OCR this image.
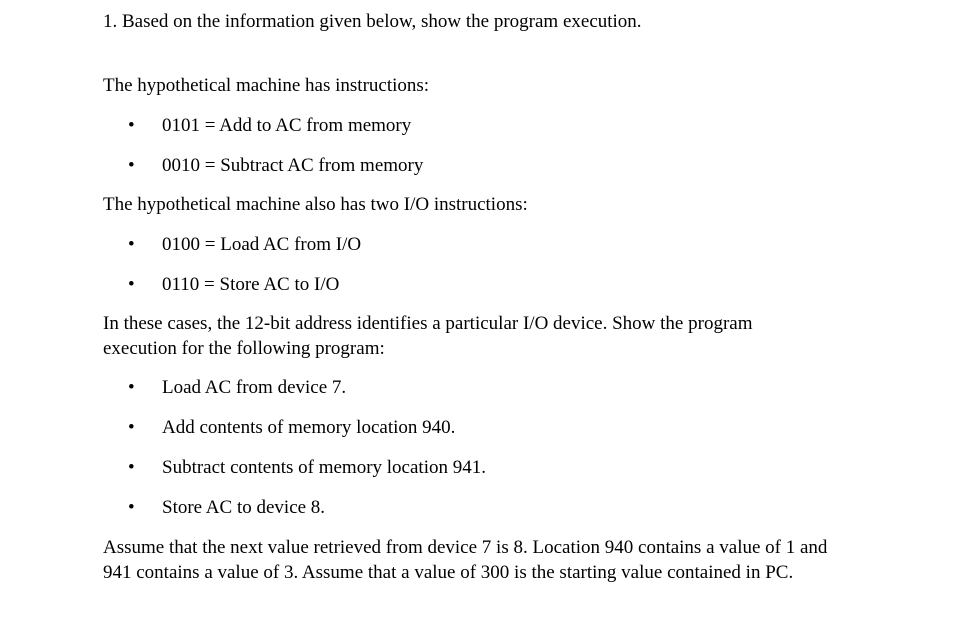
1. Based on the information given below, show the program execution.
The hypothetical machine has instructions:
• 0101 = Add to AC from memory
• 0010 = Subtract AC from memory
The hypothetical machine also has two I/O instructions:
• 0100 = Load AC from I/O
• 0110 = Store AC to I/O
In these cases, the 12-bit address identifies a particular I/O device. Show the program execution for the following program:
• Load AC from device 7.
• Add contents of memory location 940.
• Subtract contents of memory location 941.
• Store AC to device 8.
Assume that the next value retrieved from device 7 is 8. Location 940 contains a value of 1 and 941 contains a value of 3. Assume that a value of 300 is the starting value contained in PC.
